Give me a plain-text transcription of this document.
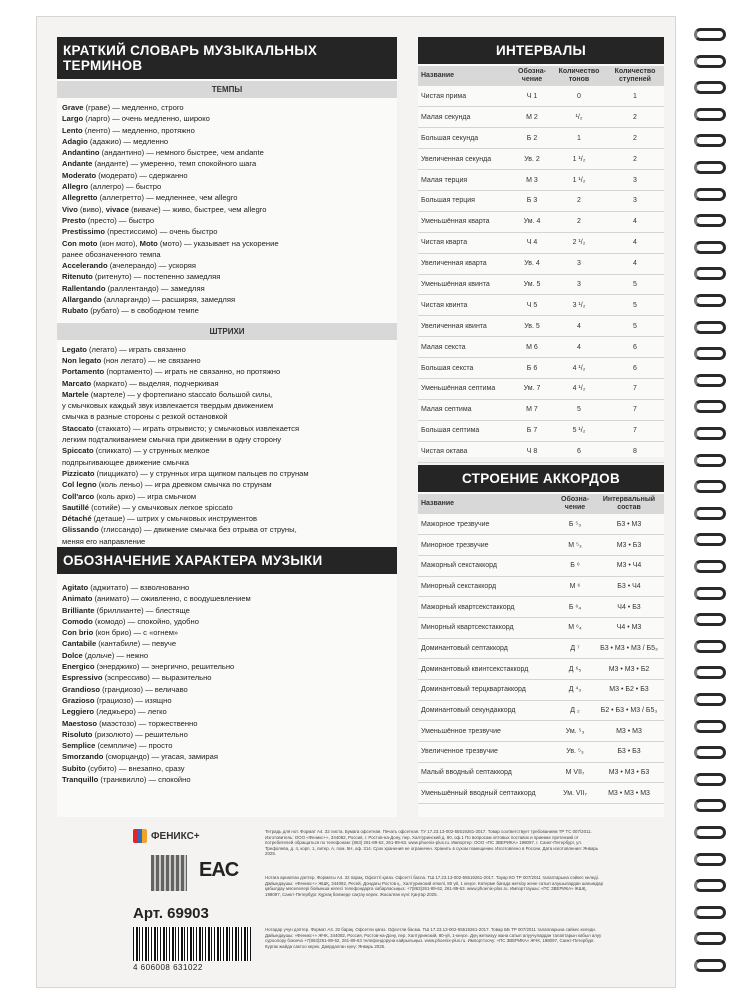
КРАТКИЙ СЛОВАРЬ МУЗЫКАЛЬНЫХ ТЕРМИНОВ
ТЕМПЫ
Grave (граве) — медленно, строго
Largo (ларго) — очень медленно, широко
Lento (ленто) — медленно, протяжно
Adagio (адажио) — медленно
Andantino (андантино) — немного быстрее, чем andante
Andante (анданте) — умеренно, темп спокойного шага
Moderato (модерато) — сдержанно
Allegro (аллегро) — быстро
Allegretto (аллегретто) — медленнее, чем allegro
Vivo (виво), vivace (виваче) — живо, быстрее, чем allegro
Presto (престо) — быстро
Prestissimo (престиссимо) — очень быстро
Con moto (кон мото), Moto (мото) — указывает на ускорение
ранее обозначенного темпа
Accelerando (ачелерандо) — ускоряя
Ritenuto (ритенуто) — постепенно замедляя
Rallentando (раллентандо) — замедляя
Allargando (алларгандо) — расширяя, замедляя
Rubato (рубато) — в свободном темпе
ШТРИХИ
Legato (легато) — играть связанно
Non legato (нон легато) — не связанно
Portamento (портаменто) — играть не связанно, но протяжно
Marcato (маркато) — выделяя, подчеркивая
Martele (мартеле) — у фортепиано staccato большой силы,
у смычковых каждый звук извлекается твердым движением
смычка в разные стороны с резкой остановкой
Staccato (стаккато) — играть отрывисто; у смычковых извлекается
легким подталкиванием смычка при движении в одну сторону
Spiccato (спиккато) — у струнных мелкое
подпрыгивающее движение смычка
Pizzicato (пиццикато) — у струнных игра щипком пальцев по струнам
Col legno (коль леньо) — игра древком смычка по струнам
Coll'arco (коль арко) — игра смычком
Sautillé (сотийе) — у смычковых легкое spiccato
Détaché (деташе) — штрих у смычковых инструментов
Glissando (глиссандо) — движение смычка без отрыва от струны,
меняя его направление
ОБОЗНАЧЕНИЕ ХАРАКТЕРА МУЗЫКИ
Agitato (аджитато) — взволнованно
Animato (анимато) — оживленно, с воодушевлением
Brilliante (бриллианте) — блестяще
Comodo (комодо) — спокойно, удобно
Con brio (кон брио) — с «огнем»
Cantabile (кантабиле) — певуче
Dolce (дольче) — нежно
Energico (энерджико) — энергично, решительно
Espressivo (эспрессиво) — выразительно
Grandioso (грандиозо) — величаво
Grazioso (грациозо) — изящно
Leggiero (леджьеро) — легко
Maestoso (маэстозо) — торжественно
Risoluto (ризолюто) — решительно
Semplice (семпличе) — просто
Smorzando (сморцандо) — угасая, замирая
Subito (субито) — внезапно, сразу
Tranquillo (транквилло) — спокойно
ИНТЕРВАЛЫ
Название	Обозна-чение	Количество тонов	Количество ступеней
Чистая прима	Ч 1	0	1
Малая секунда	М 2	¹/₂	2
Большая секунда	Б 2	1	2
Увеличенная секунда	Ув. 2	1 ¹/₂	2
Малая терция	М 3	1 ¹/₂	3
Большая терция	Б 3	2	3
Уменьшённая кварта	Ум. 4	2	4
Чистая кварта	Ч 4	2 ¹/₂	4
Увеличенная кварта	Ув. 4	3	4
Уменьшённая квинта	Ум. 5	3	5
Чистая квинта	Ч 5	3 ¹/₂	5
Увеличенная квинта	Ув. 5	4	5
Малая секста	М 6	4	6
Большая секста	Б 6	4 ¹/₂	6
Уменьшённая септима	Ум. 7	4 ¹/₂	7
Малая септима	М 7	5	7
Большая септима	Б 7	5 ¹/₂	7
Чистая октава	Ч 8	6	8
СТРОЕНИЕ АККОРДОВ
Название	Обозна-чение	Интервальный состав
Мажорное трезвучие	Б ⁵₃	Б3 • М3
Минорное трезвучие	М ⁵₃	М3 • Б3
Мажорный секстаккорд	Б ⁶	М3 • Ч4
Минорный секстаккорд	М ⁶	Б3 • Ч4
Мажорный квартсекстаккорд	Б ⁶₄	Ч4 • Б3
Минорный квартсекстаккорд	М ⁶₄	Ч4 • М3
Доминантовый септаккорд	Д ⁷	Б3 • М3 • М3 / Б5₃
Доминантовый квинтсекстаккорд	Д ⁶₅	М3 • М3 • Б2
Доминантовый терцквартаккорд	Д ⁴₃	М3 • Б2 • Б3
Доминантовый секундаккорд	Д ₂	Б2 • Б3 • М3 / Б5₃
Уменьшённое трезвучие	Ум. ⁵₃	М3 • М3
Увеличенное трезвучие	Ув. ⁵₃	Б3 • Б3
Малый вводный септаккорд	М VII₇	М3 • М3 • Б3
Уменьшённый вводный септаккорд	Ум. VII₇	М3 • М3 • М3
ФЕНИКС+
EAC
Арт. 69903
4 606008 631022
Тетрадь для нот. Формат А4. 32 листа. Бумага офсетная. Печать офсетная. ТУ 17.23.13-002-55519261-2017. Товар соответствует требованиям ТР ТС 007/2011. Изготовитель: ООО «Феникс+», 344082, Россия, г. Ростов-на-Дону, пер. Халтуринский д. 80, оф.1 По вопросам оптовых поставок и приемке претензий от потребителей обращаться по телефонам: (863) 261-89-62, 261-89-63. www.phoenix-plus.ru. Импортер: ООО «ПС ЗВЕРИКА» 198097, г. Санкт-Петербург, ул. Трефолева, д. 4, корп. 1, литер. А, пом. 5Н, оф. 314. Срок хранения не ограничен. Хранить в сухом помещении. Изготовлено в России. Дата изготовления: Январь 2025.
Нотаға арналған дәптер. Форматы А4. 32 парақ. Офсетті қағаз. Офсетті баспа. ТШ 17.23.13-002-55519261-2017. Тауар КО ТР 007/2011 талаптарына сәйкес келеді. Дайындаушы: «Феникс+» ЖШҚ, 344082, Ресей, Дондағы Ростов қ., Халтуринский өткелі, 80 үй, 1 кеңсе. Көтерме бағада жеткізу және сатып алушылардан шағымдар қабылдау мәселелері бойынша келесі телефондарға хабарласыңыз: +7(863)261-89-62, 261-89-63. www.phoenix-plus.ru. Импорттаушы: «ПС ЗВЕРИКА» ЖШҚ, 198097, Санкт-Петербург. Кұрғақ бөлмеде сақтау керек. Жасалған күні: Қаңтар 2025.
Нотадар учун дәптер. Формат А4. 32 барақ. Офсетли қағаз. Офсетли басма. ТШ 17.23.13-002-55519261-2017. Товар ББ ТР 007/2011 талапларына сайкес келеди. Дайындаушы: «Феникс+» ЖЧК, 344082, Россия, Ростов-на-Дону, пер. Халтуринский, 80-үй, 1-кеңсе. Дүң жеткизуу жана сатып алуучулардан талаптарын кабыл алуу суроолору боюнча +7(863)261-89-62, 261-89-63 телефондоруна кайрылыңыз. www.phoenix-plus.ru. Импорттоочу: «ПС ЗВЕРИКА» ЖЧК, 198097, Санкт-Петербург. Кургак жайда сактоо керек. Даярдалган күнү: Январь 2025.
